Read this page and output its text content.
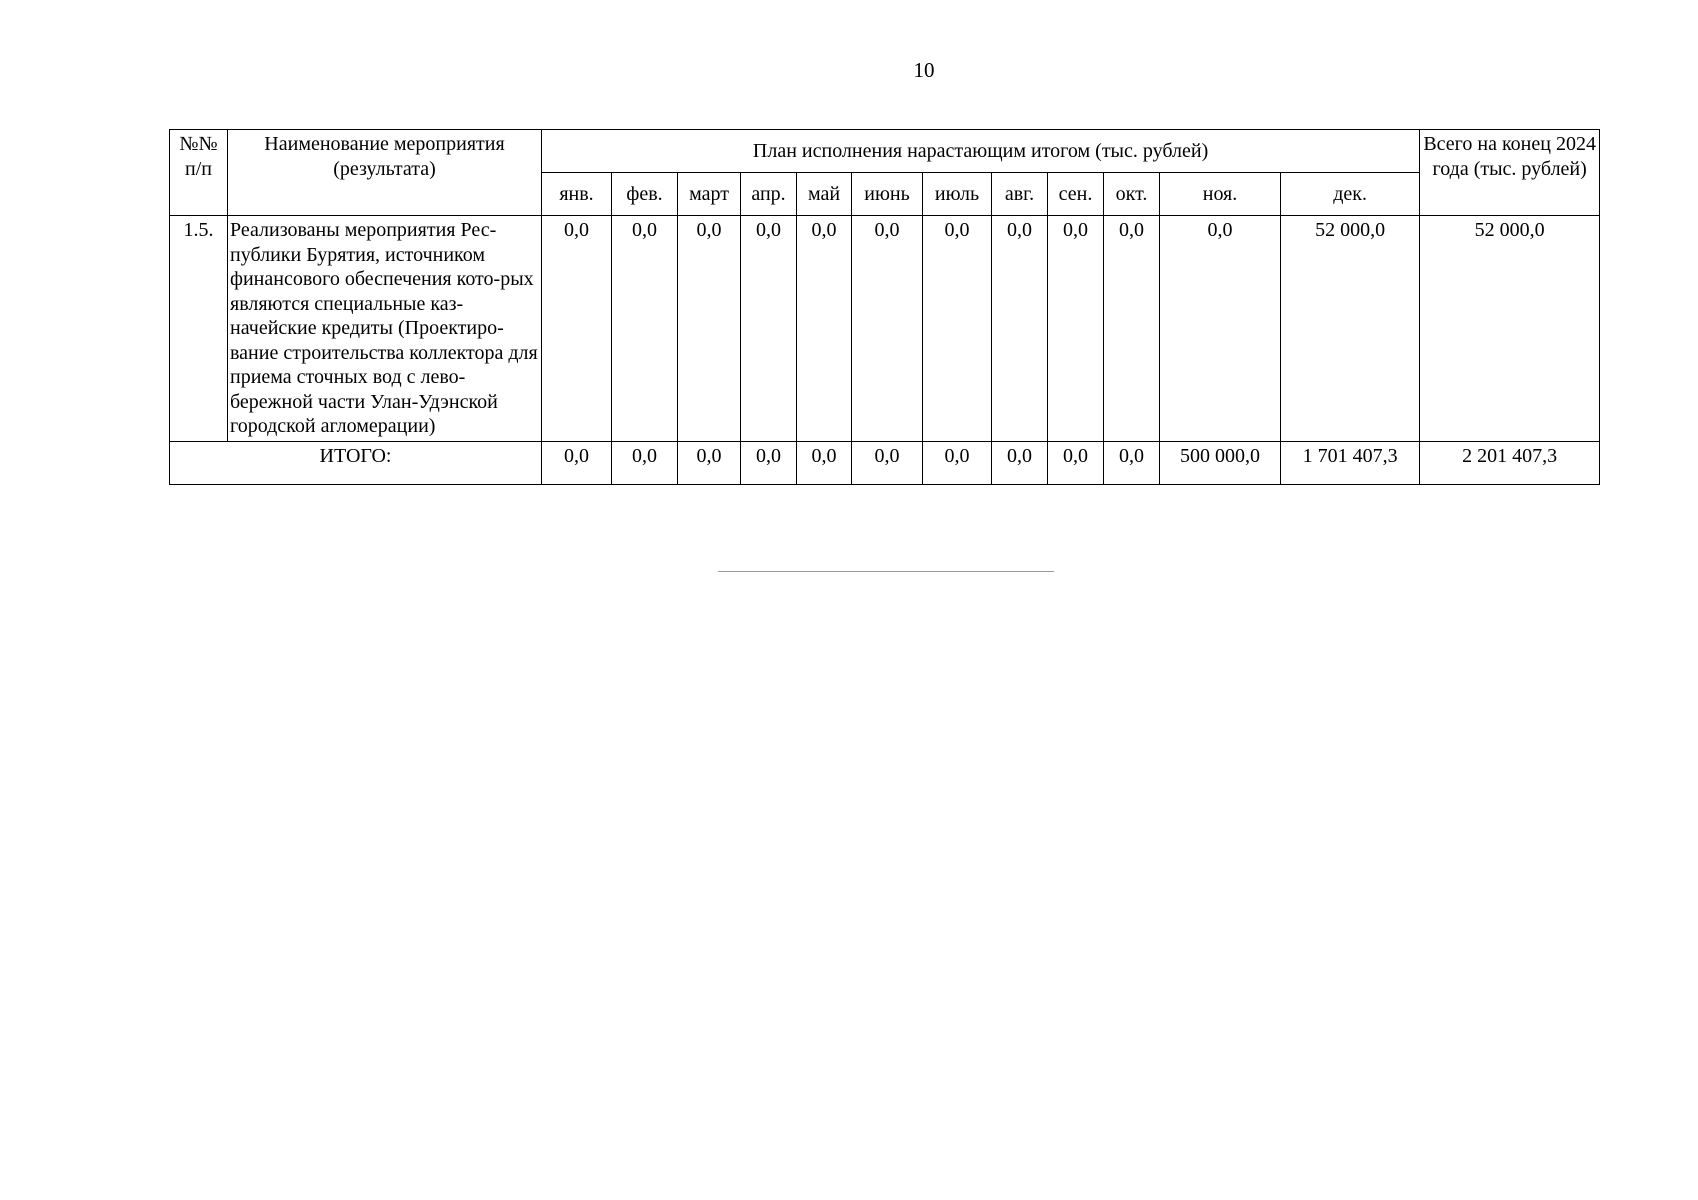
10
№№ п/п	Наименование мероприятия (результата)	План исполнения нарастающим итогом (тыс. рублей)												Всего на конец 2024 года (тыс. рублей)
		янв.	фев.	март	апр.	май	июнь	июль	авг.	сен.	окт.	ноя.	дек.	
1.5.	Реализованы мероприятия Рес-публики Бурятия, источником финансового обеспечения кото-рых являются специальные каз-начейские кредиты (Проектиро-вание строительства коллектора для приема сточных вод с лево-бережной части Улан-Удэнской городской агломерации)	0,0	0,0	0,0	0,0	0,0	0,0	0,0	0,0	0,0	0,0	0,0	52 000,0	52 000,0
ИТОГО:		0,0	0,0	0,0	0,0	0,0	0,0	0,0	0,0	0,0	0,0	500 000,0	1 701 407,3	2 201 407,3
